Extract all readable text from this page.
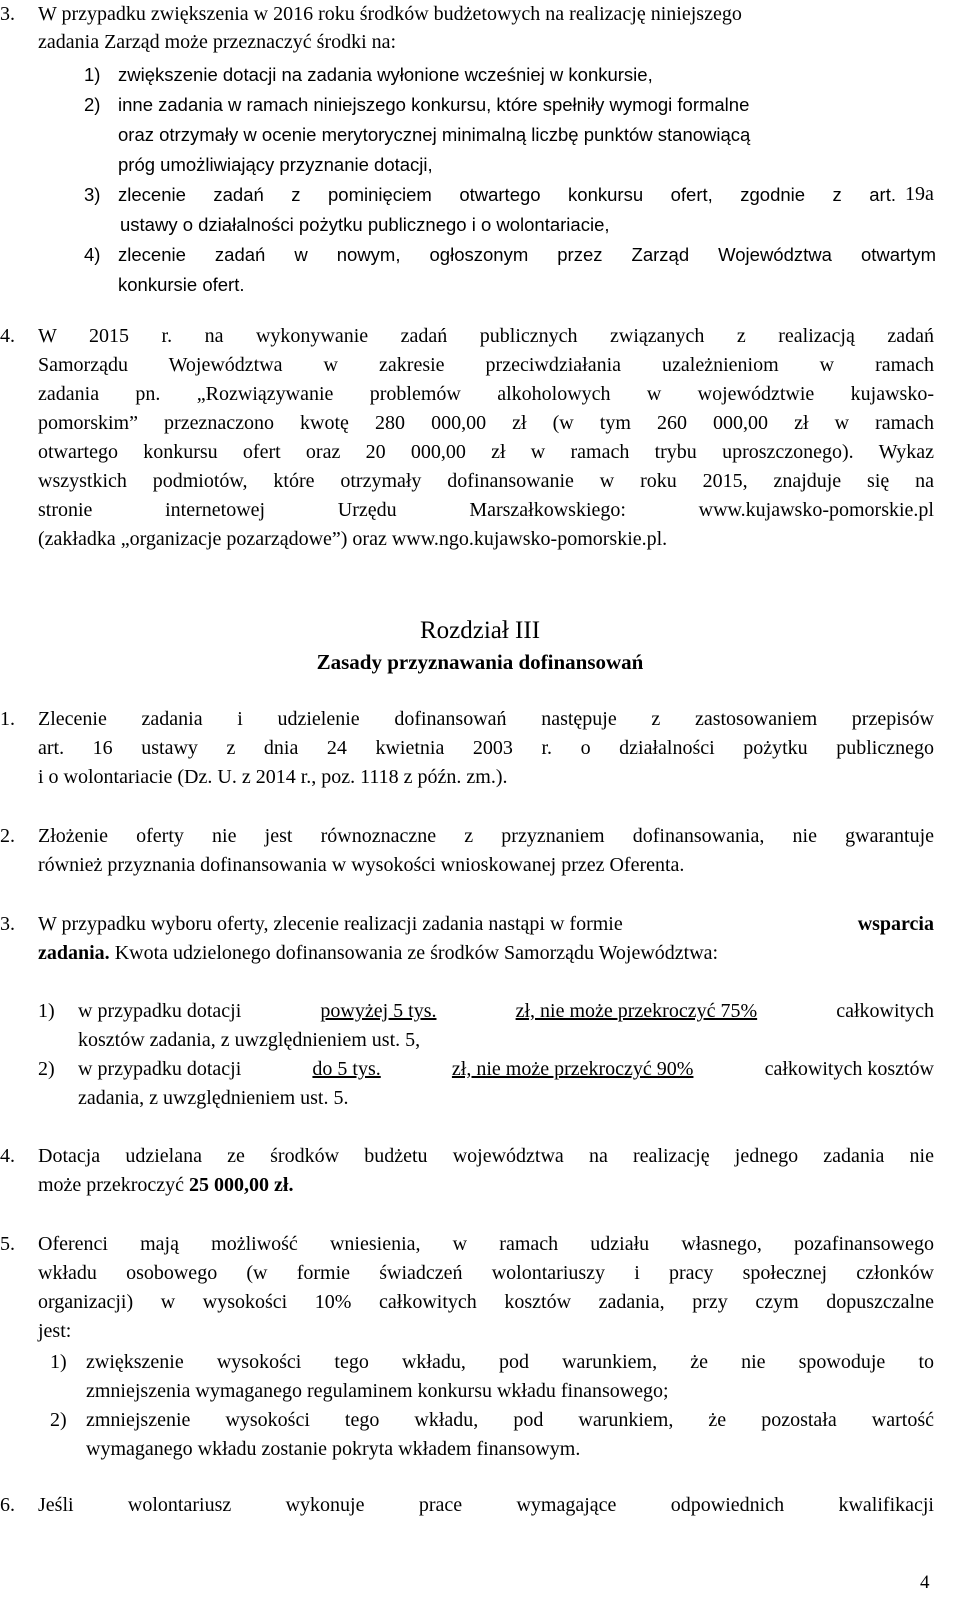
3. W przypadku zwiększenia w 2016 roku środków budżetowych na realizację niniejszego
zadania Zarząd może przeznaczyć środki na:
1) zwiększenie dotacji na zadania wyłonione wcześniej w konkursie,
2) inne zadania w ramach niniejszego konkursu, które spełniły wymogi formalne
oraz otrzymały w ocenie merytorycznej minimalną liczbę punktów stanowiącą
próg umożliwiający przyznanie dotacji,
3) zlecenie zadań z pominięciem otwartego konkursu ofert, zgodnie z art.
ustawy o działalności pożytku publicznego i o wolontariacie,
4) zlecenie zadań w nowym, ogłoszonym przez Zarząd Województwa otwartym
konkursie ofert.
19a
4. W 2015 r. na wykonywanie zadań publicznych związanych z realizacją zadań
Samorządu Województwa w zakresie przeciwdziałania uzależnieniom w ramach
zadania pn. „Rozwiązywanie problemów alkoholowych w województwie kujawsko-
pomorskim” przeznaczono kwotę 280 000,00 zł (w tym 260 000,00 zł w ramach
otwartego konkursu ofert oraz 20 000,00 zł w ramach trybu uproszczonego). Wykaz
wszystkich podmiotów, które otrzymały dofinansowanie w roku 2015, znajduje się na
stronie internetowej Urzędu Marszałkowskiego: www.kujawsko-pomorskie.pl
(zakładka „organizacje pozarządowe”) oraz www.ngo.kujawsko-pomorskie.pl.
Rozdział III
Zasady przyznawania dofinansowań
1. Zlecenie zadania i udzielenie dofinansowań następuje z zastosowaniem przepisów
art. 16 ustawy z dnia 24 kwietnia 2003 r. o działalności pożytku publicznego
i o wolontariacie (Dz. U. z 2014 r., poz. 1118 z późn. zm.).
2. Złożenie oferty nie jest równoznaczne z przyznaniem dofinansowania, nie gwarantuje
również przyznania dofinansowania w wysokości wnioskowanej przez Oferenta.
3. W przypadku wyboru oferty, zlecenie realizacji zadania nastąpi w formie	wsparcia
zadania. Kwota udzielonego dofinansowania ze środków Samorządu Województwa:
1) w przypadku dotacji	powyżej 5 tys.	zł, nie może przekroczyć 75%	całkowitych
kosztów zadania, z uwzględnieniem ust. 5,
2) w przypadku dotacji	do 5 tys.	zł, nie może przekroczyć 90%	całkowitych kosztów
zadania, z uwzględnieniem ust. 5.
4. Dotacja udzielana ze środków budżetu województwa na realizację jednego zadania nie
może przekroczyć 25 000,00 zł.
5. Oferenci mają możliwość wniesienia, w ramach udziału własnego, pozafinansowego
wkładu osobowego (w formie świadczeń wolontariuszy i pracy społecznej członków
organizacji) w wysokości 10% całkowitych kosztów zadania, przy czym dopuszczalne
jest:
1) zwiększenie wysokości tego wkładu, pod warunkiem, że nie spowoduje to
zmniejszenia wymaganego regulaminem konkursu wkładu finansowego;
2) zmniejszenie wysokości tego wkładu, pod warunkiem, że pozostała wartość
wymaganego wkładu zostanie pokryta wkładem finansowym.
6. Jeśli wolontariusz wykonuje prace wymagające odpowiednich kwalifikacji
4
